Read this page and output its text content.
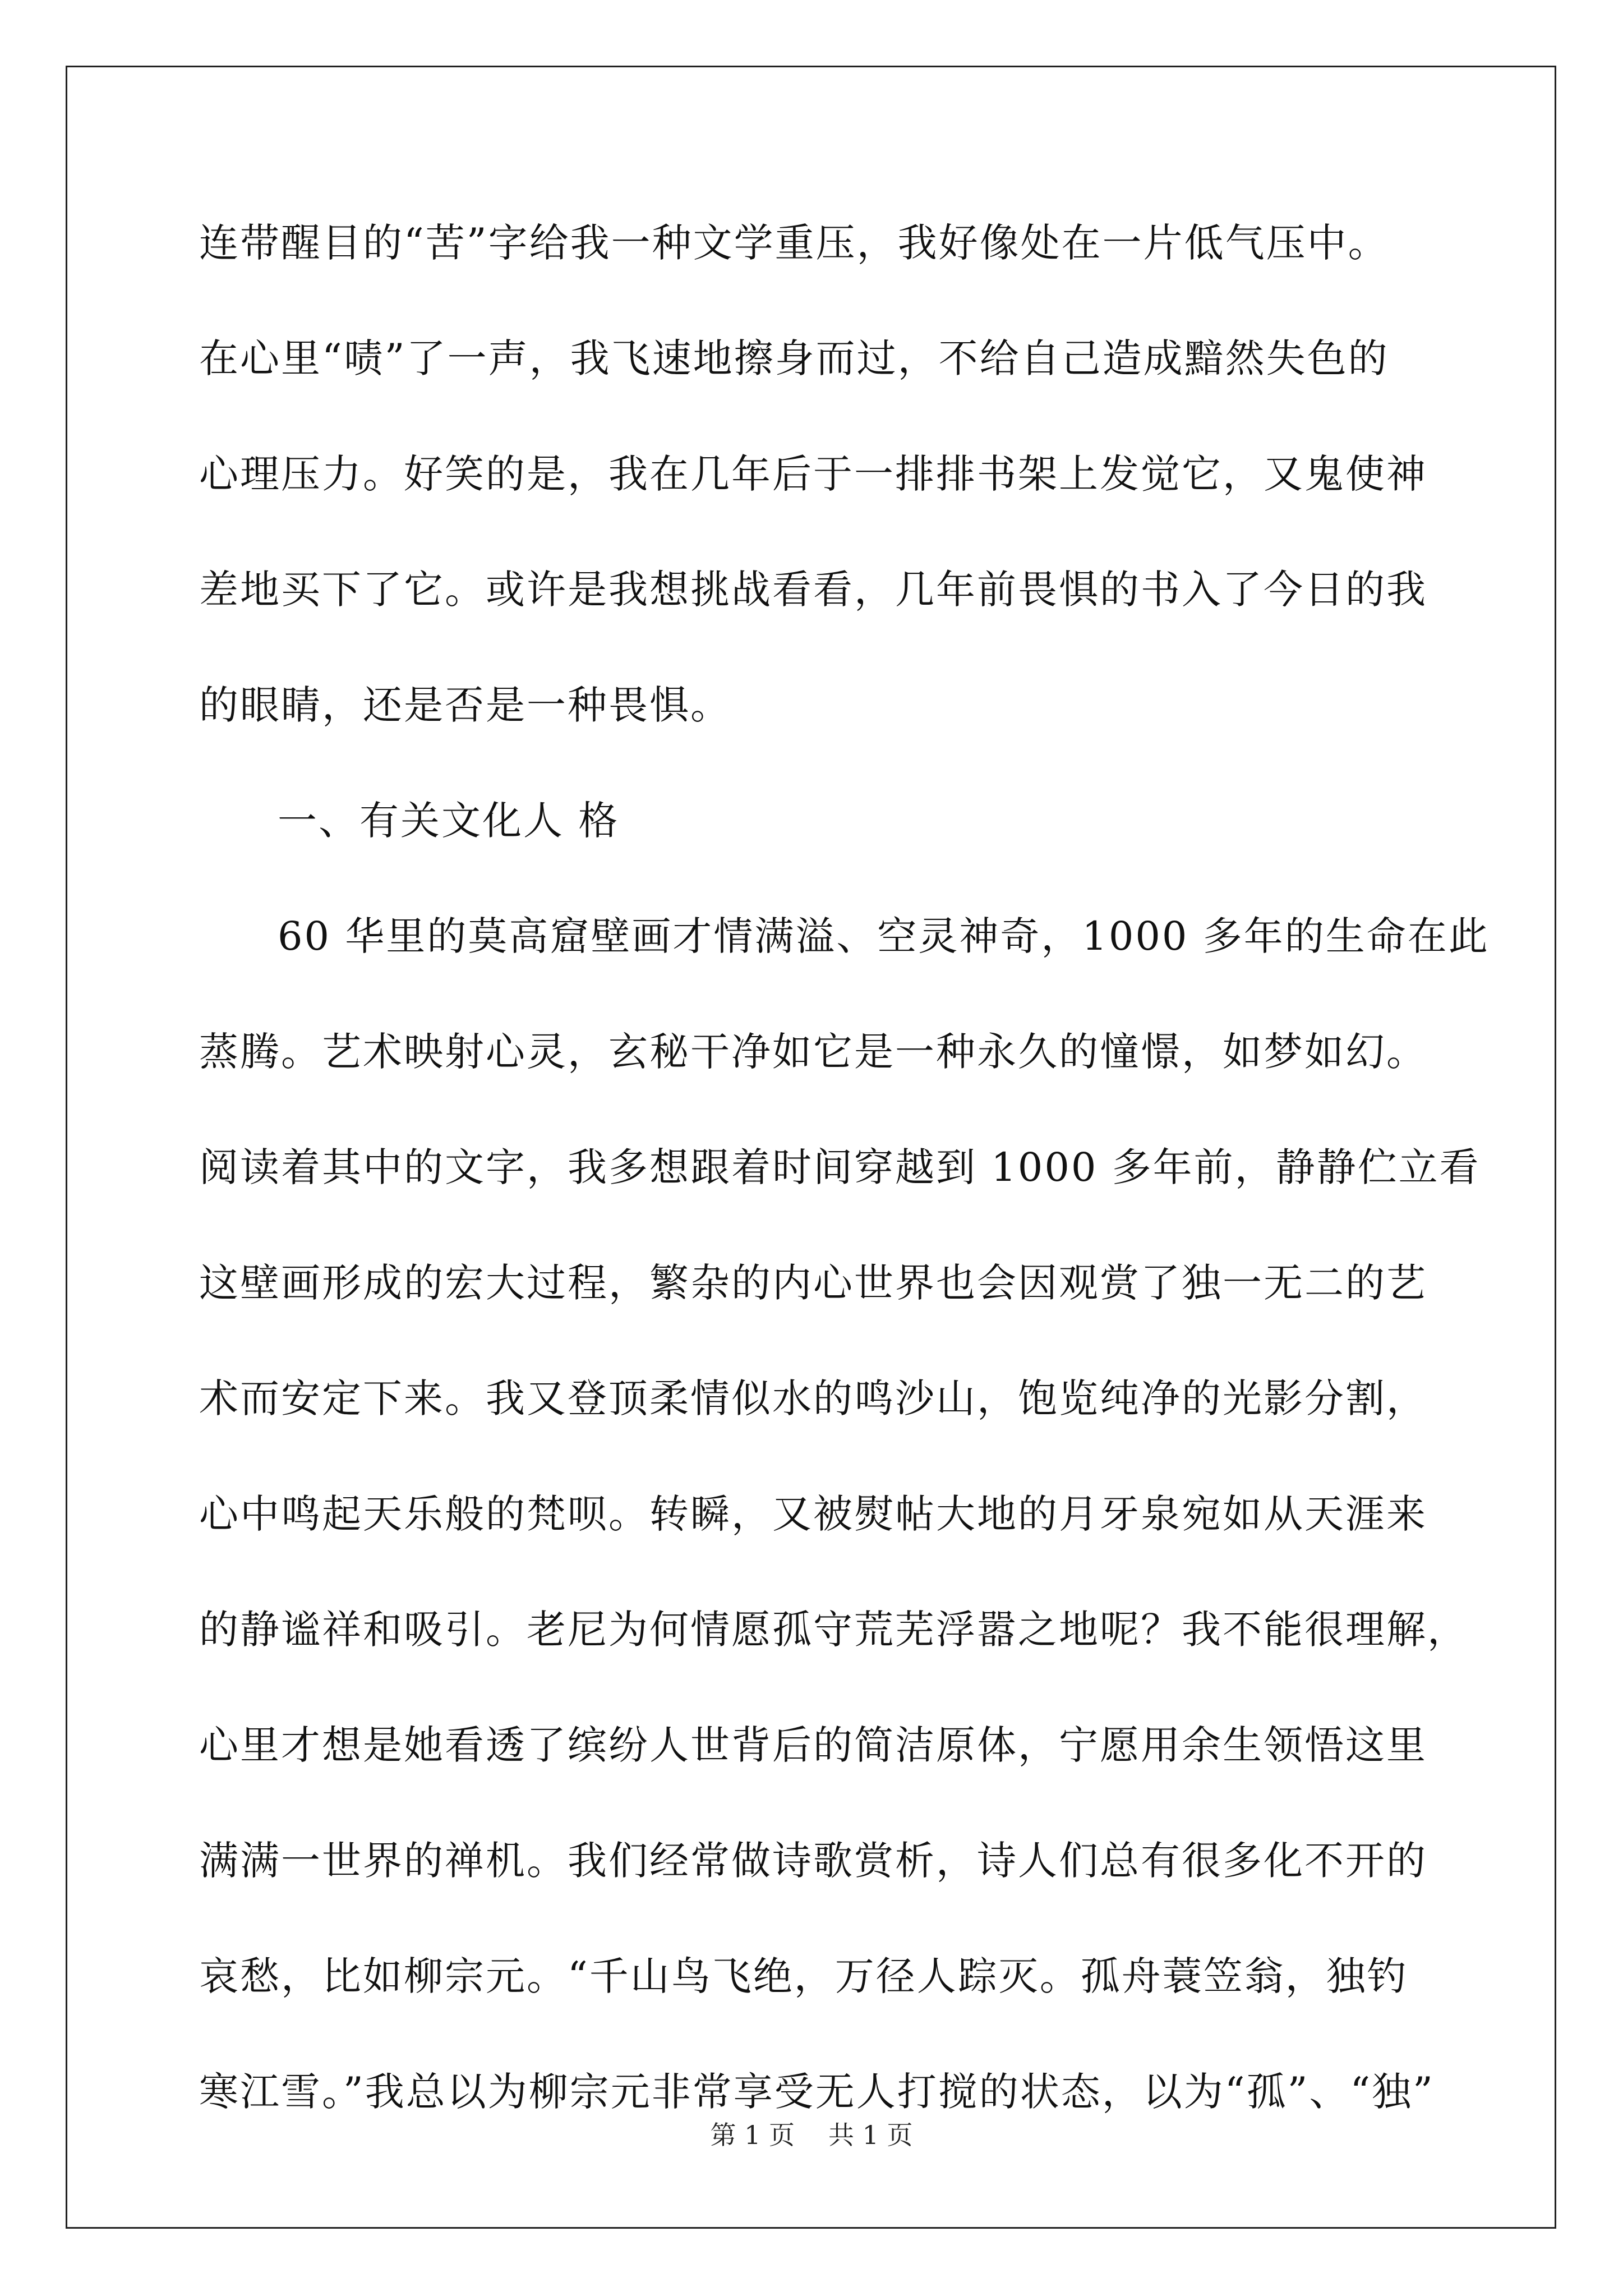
连带醒目的“苦”字给我一种文学重压，我好像处在一片低气压中。
在心里“啧”了一声，我飞速地擦身而过，不给自己造成黯然失色的
心理压力。好笑的是，我在几年后于一排排书架上发觉它，又鬼使神
差地买下了它。或许是我想挑战看看，几年前畏惧的书入了今日的我
的眼睛，还是否是一种畏惧。
一、有关文化人 格
60 华里的莫高窟壁画才情满溢、空灵神奇，1000 多年的生命在此
蒸腾。艺术映射心灵，玄秘干净如它是一种永久的憧憬，如梦如幻。
阅读着其中的文字，我多想跟着时间穿越到 1000 多年前，静静伫立看
这壁画形成的宏大过程，繁杂的内心世界也会因观赏了独一无二的艺
术而安定下来。我又登顶柔情似水的鸣沙山，饱览纯净的光影分割，
心中鸣起天乐般的梵呗。转瞬，又被熨帖大地的月牙泉宛如从天涯来
的静谧祥和吸引。老尼为何情愿孤守荒芜浮嚣之地呢？我不能很理解，
心里才想是她看透了缤纷人世背后的简洁原体，宁愿用余生领悟这里
满满一世界的禅机。我们经常做诗歌赏析，诗人们总有很多化不开的
哀愁，比如柳宗元。“千山鸟飞绝，万径人踪灭。孤舟蓑笠翁，独钓
寒江雪。”我总以为柳宗元非常享受无人打搅的状态，以为“孤”、“独”
第 1 页 共 1 页
